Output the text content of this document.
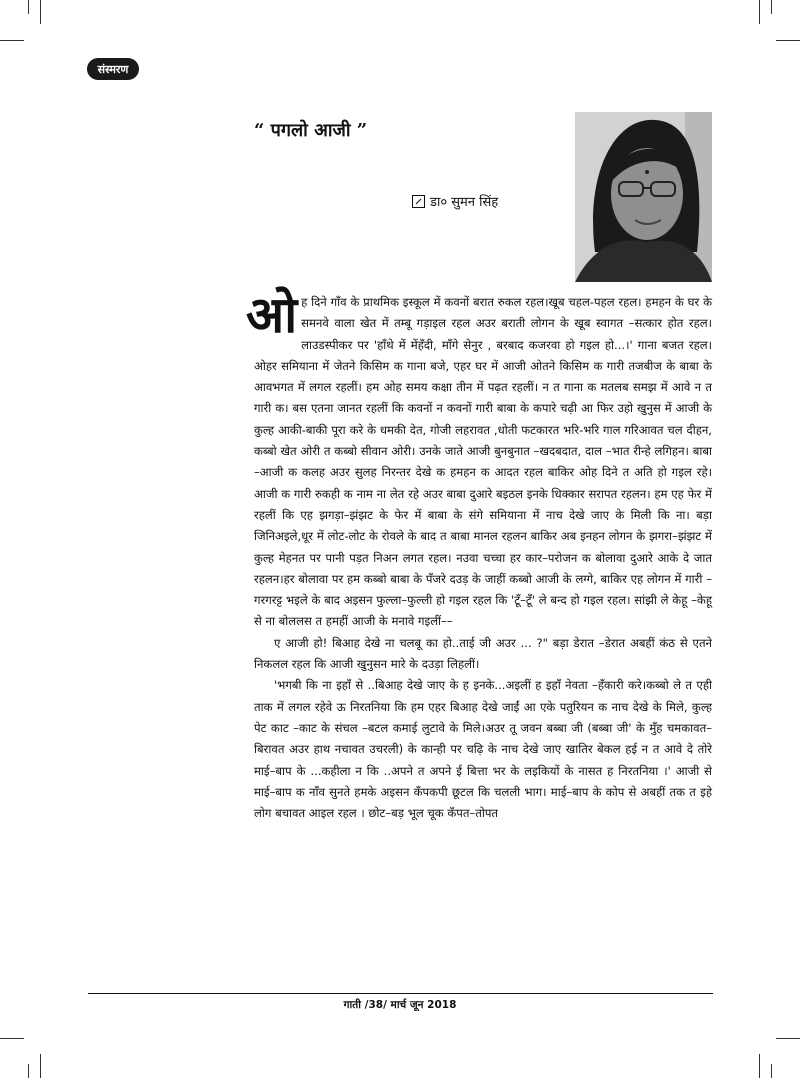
संस्मरण
“ पगलो आजी ”
डा० सुमन सिंह
ओ ह दिने गाँव के प्राथमिक इस्कूल में कवनों बरात रुकल रहल।खूब चहल-पहल रहल। हमहन के घर के समनवे वाला खेत में तम्बू गड़ाइल रहल अउर बराती लोगन के खूब स्वागत –सत्कार होत रहल। लाउडस्पीकर पर 'हाँथे में मेंहँदी, माँगे सेनुर , बरबाद कजरवा हो गइल हो...।' गाना बजत रहल। ओहर समियाना में जेतने किसिम क गाना बजे, एहर घर में आजी ओतने किसिम क गारी तजबीज के बाबा के आवभगत में लगल रहलीं। हम ओह समय कक्षा तीन में पढ़त रहलीं। न त गाना क मतलब समझ में आवे न त गारी क। बस एतना जानत रहलीं कि कवनों न कवनों गारी बाबा के कपारे चढ़ी आ फिर उहो खुनुस में आजी के कुल्ह आकी-बाकी पूरा करे के धमकी देत, गोजी लहरावत ,धोती फटकारत भरि-भरि गाल गरिआवत चल दीहन, कब्बो खेत ओरी त कब्बो सीवान ओरी। उनके जाते आजी बुनबुनात –खदबदात, दाल –भात रीन्हे लगिहन। बाबा –आजी क कलह अउर सुलह निरन्तर देखे क हमहन क आदत रहल बाकिर ओह दिने त अति हो गइल रहे। आजी क गारी रुकही क नाम ना लेत रहे अउर बाबा दुआरे बइठल इनके धिक्कार सरापत रहलन। हम एह फेर में रहलीं कि एह झगड़ा–झंझट के फेर में बाबा के संगे समियाना में नाच देखे जाए के मिली कि ना। बड़ा जिनिअइले,धूर में लोट-लोट के रोवले के बाद त बाबा मानल रहलन बाकिर अब इनहन लोगन के झगरा–झंझट में कुल्ह मेहनत पर पानी पड़त निअन लगत रहल। नउवा चच्चा हर कार–परोजन क बोलावा दुआरे आके दे जात रहलन।हर बोलावा पर हम कब्बो बाबा के पँजरे दउड़ के जाहीं कब्बो आजी के लग्गे, बाकिर एह लोगन में गारी –गरगरट्ट भइले के बाद अइसन फुल्ला–फुल्ली हो गइल रहल कि 'टूँ–टूँ' ले बन्द हो गइल रहल। सांझी ले केहू –केहू से ना बोललस त हमहीं आजी के मनावे गइलीं––

ए आजी हो! बिआह देखे ना चलबू का हो..ताई जी अउर ... ?" बड़ा डेरात –डेरात अबहीं कंठ से एतने निकलल रहल कि आजी खुनुसन मारे के दउड़ा लिहलीं।

'भगबी कि ना इहाँ से ..बिआह देखे जाए के ह इनके...अइलीं ह इहाँ नेवता –हँकारी करे।कब्बो ले त एही ताक में लगल रहेवे ऊ निरतनिया कि हम एहर बिआह देखे जाईं आ एके पतुरियन क नाच देखे के मिले, कुल्ह पेट काट –काट के संचल –बटल कमाई लुटावे के मिले।अउर तू जवन बब्बा जी (बब्बा जी' के मुँह चमकावत–बिरावत अउर हाथ नचावत उचरली) के कान्ही पर चढ़ि के नाच देखे जाए खातिर बेकल हई न त आवे दे तोरे माई–बाप के ...कहीला न कि ..अपने त अपने ई बित्ता भर के लइकियों के नासत ह निरतनिया ।' आजी से माई–बाप क नाँव सुनते हमके अइसन कॅंपकपी छूटल कि चलली भाग। माई–बाप के कोप से अबहीं तक त इहे लोग बचावत आइल रहल । छोट–बड़ भूल चूक कॅंपत–तोपत

गाती /38/ मार्च जून 2018
